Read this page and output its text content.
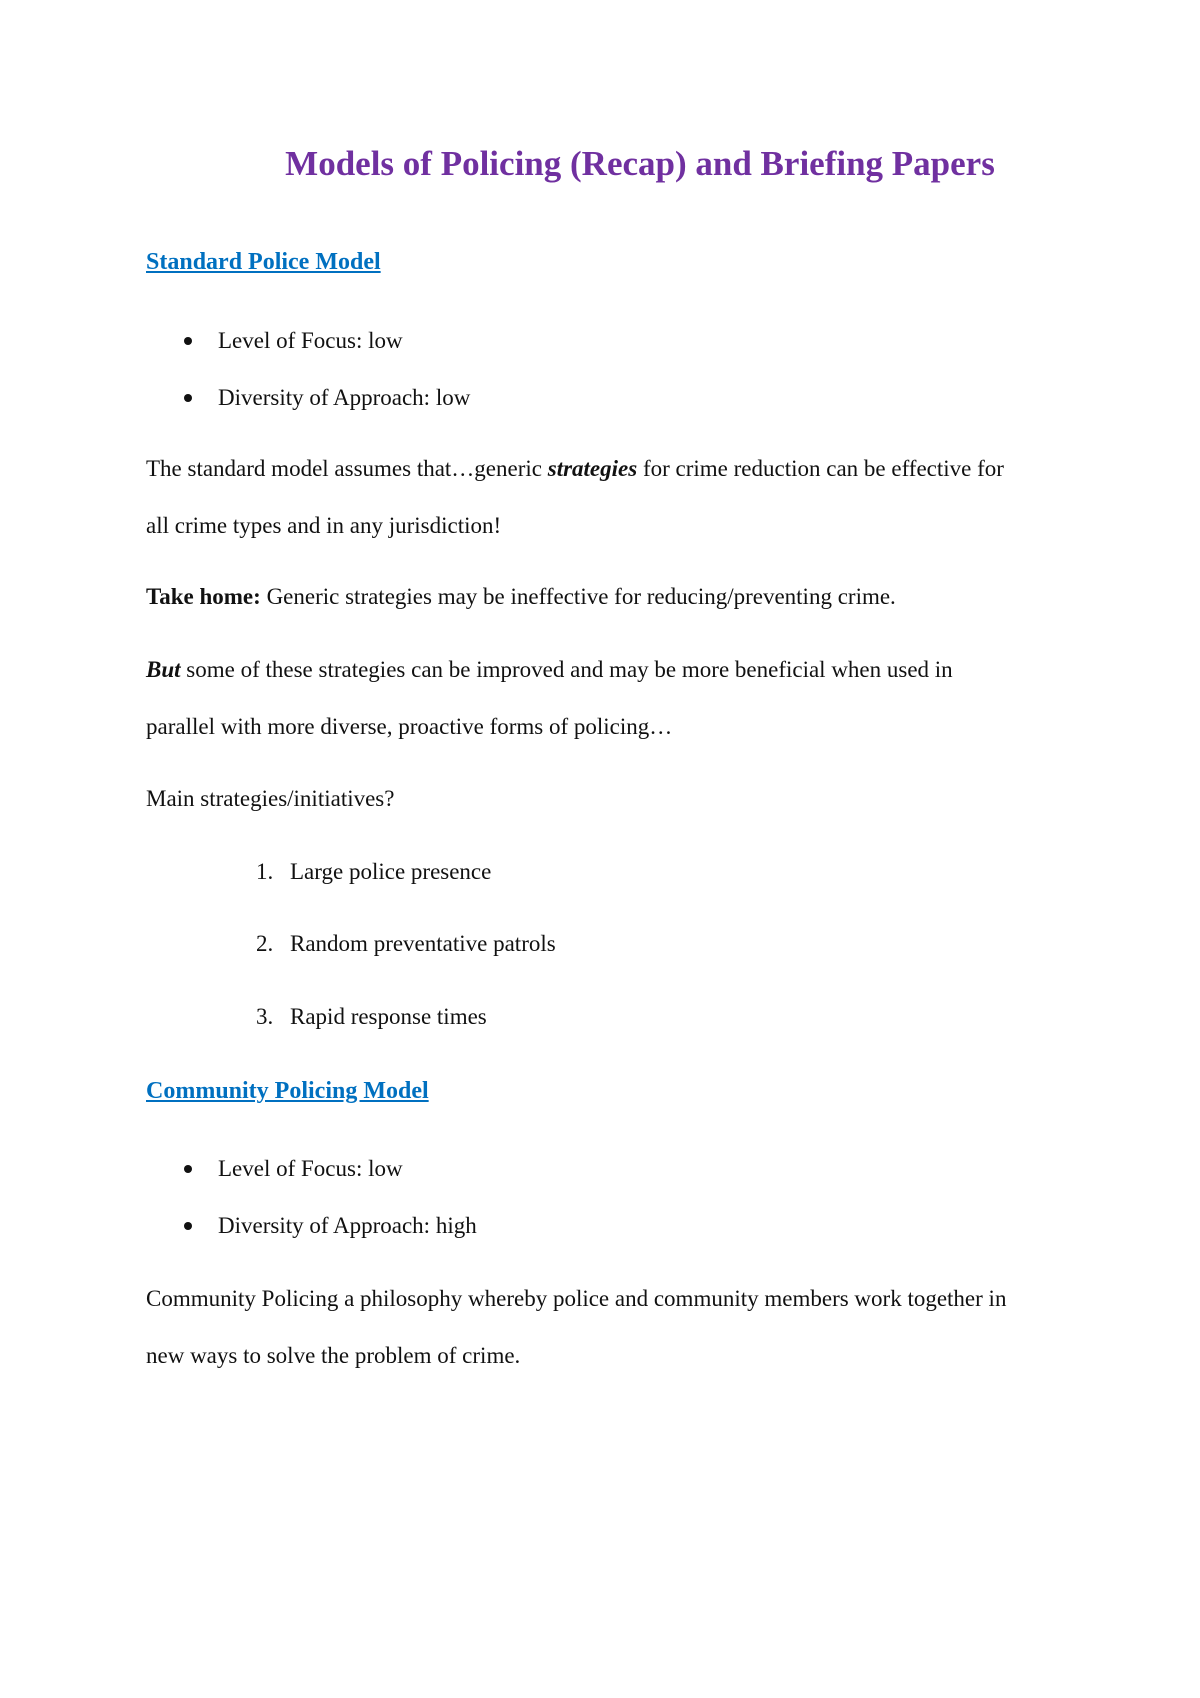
Models of Policing (Recap) and Briefing Papers
Standard Police Model
Level of Focus: low
Diversity of Approach: low

The standard model assumes that…generic strategies for crime reduction can be effective for

all crime types and in any jurisdiction!

Take home: Generic strategies may be ineffective for reducing/preventing crime.

But some of these strategies can be improved and may be more beneficial when used in

parallel with more diverse, proactive forms of policing…

Main strategies/initiatives?

1. Large police presence
2. Random preventative patrols
3. Rapid response times
Community Policing Model
Level of Focus: low
Diversity of Approach: high

Community Policing a philosophy whereby police and community members work together in

new ways to solve the problem of crime.
